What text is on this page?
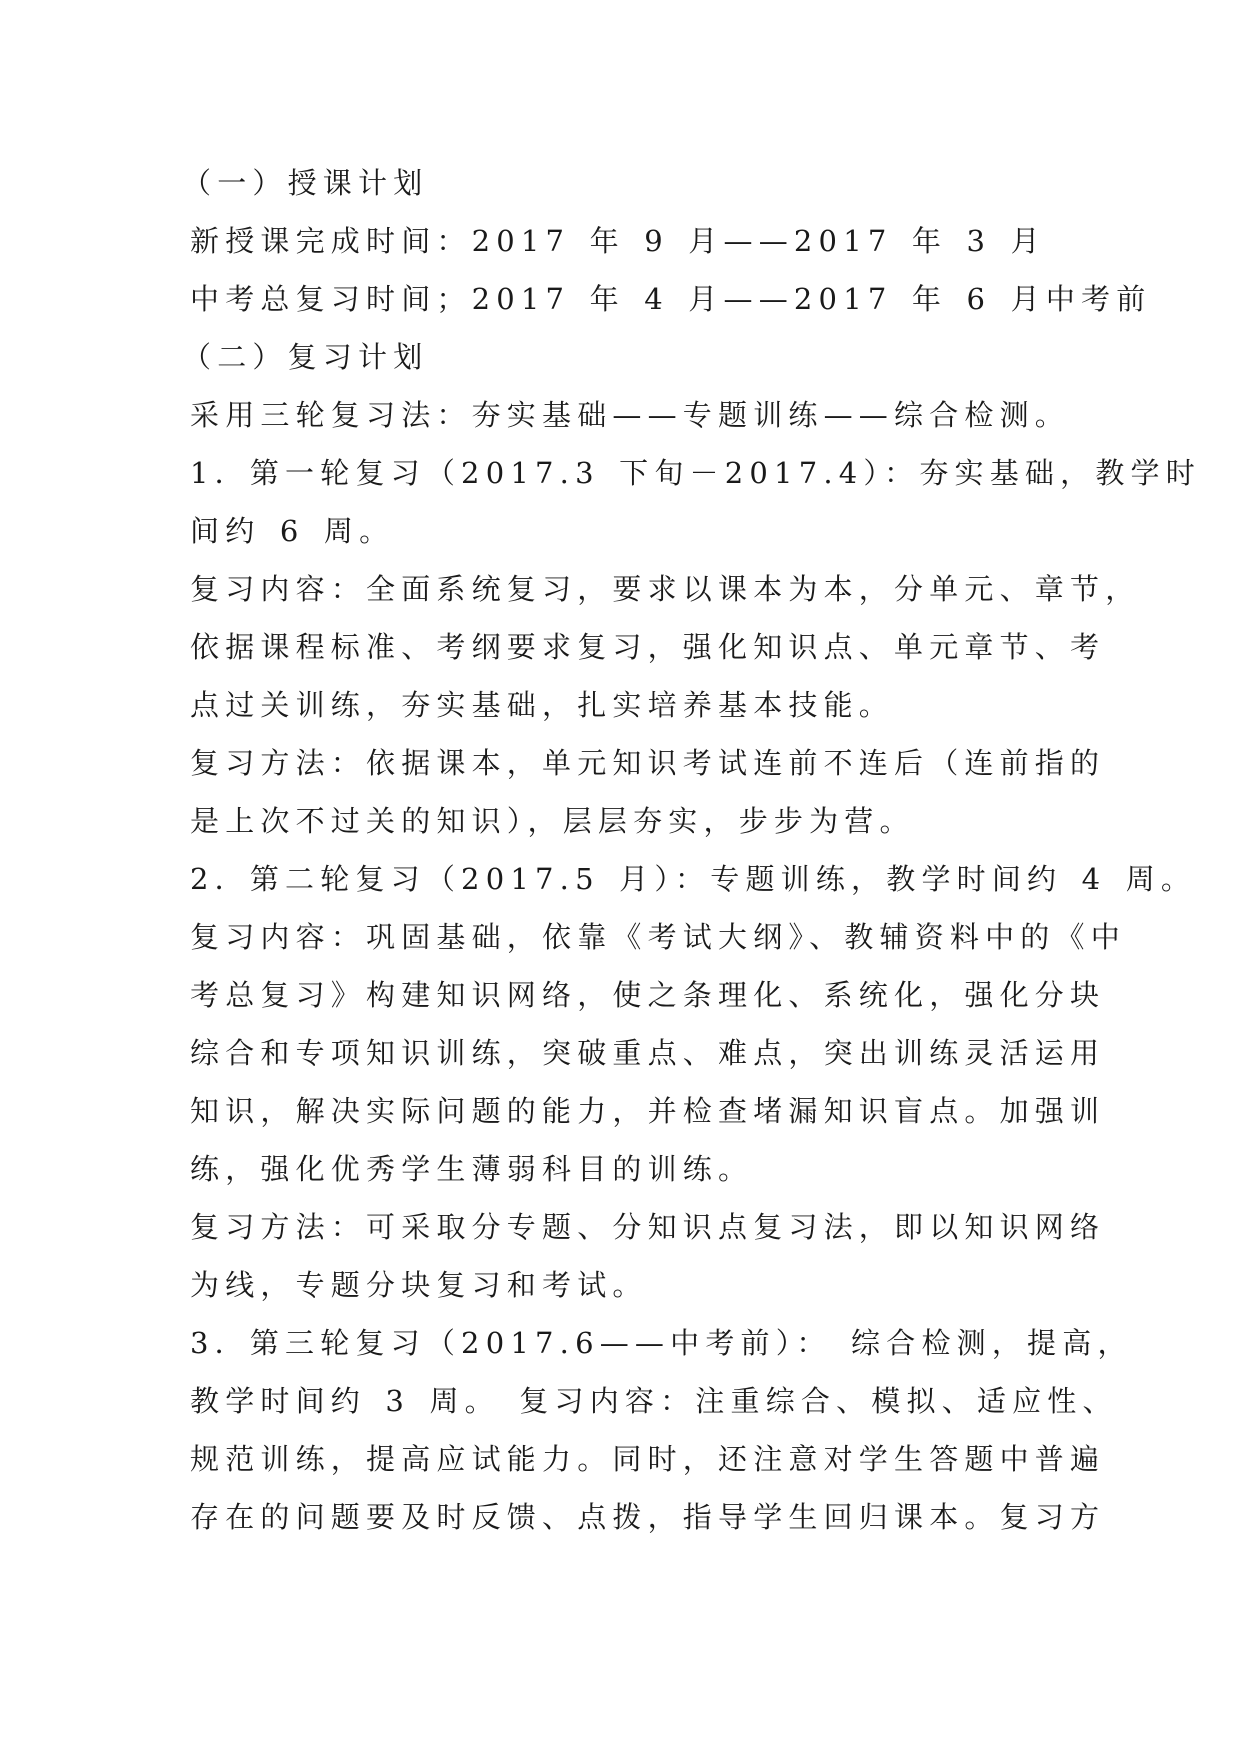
（一）授课计划
新授课完成时间：2017 年 9 月——2017 年 3 月
中考总复习时间；2017 年 4 月——2017 年 6 月中考前
（二）复习计划
采用三轮复习法：夯实基础——专题训练——综合检测。
1．第一轮复习（2017.3 下旬－2017.4）：夯实基础，教学时
间约 6 周。
复习内容：全面系统复习，要求以课本为本，分单元、章节，
依据课程标准、考纲要求复习，强化知识点、单元章节、考
点过关训练，夯实基础，扎实培养基本技能。
复习方法：依据课本，单元知识考试连前不连后（连前指的
是上次不过关的知识），层层夯实，步步为营。
2．第二轮复习（2017.5 月）：专题训练，教学时间约 4 周。
复习内容：巩固基础，依靠《考试大纲》、教辅资料中的《中
考总复习》构建知识网络，使之条理化、系统化，强化分块
综合和专项知识训练，突破重点、难点，突出训练灵活运用
知识，解决实际问题的能力，并检查堵漏知识盲点。加强训
练，强化优秀学生薄弱科目的训练。
复习方法：可采取分专题、分知识点复习法，即以知识网络
为线，专题分块复习和考试。
3．第三轮复习（2017.6——中考前）： 综合检测，提高，
教学时间约 3 周。 复习内容：注重综合、模拟、适应性、
规范训练，提高应试能力。同时，还注意对学生答题中普遍
存在的问题要及时反馈、点拨，指导学生回归课本。复习方
